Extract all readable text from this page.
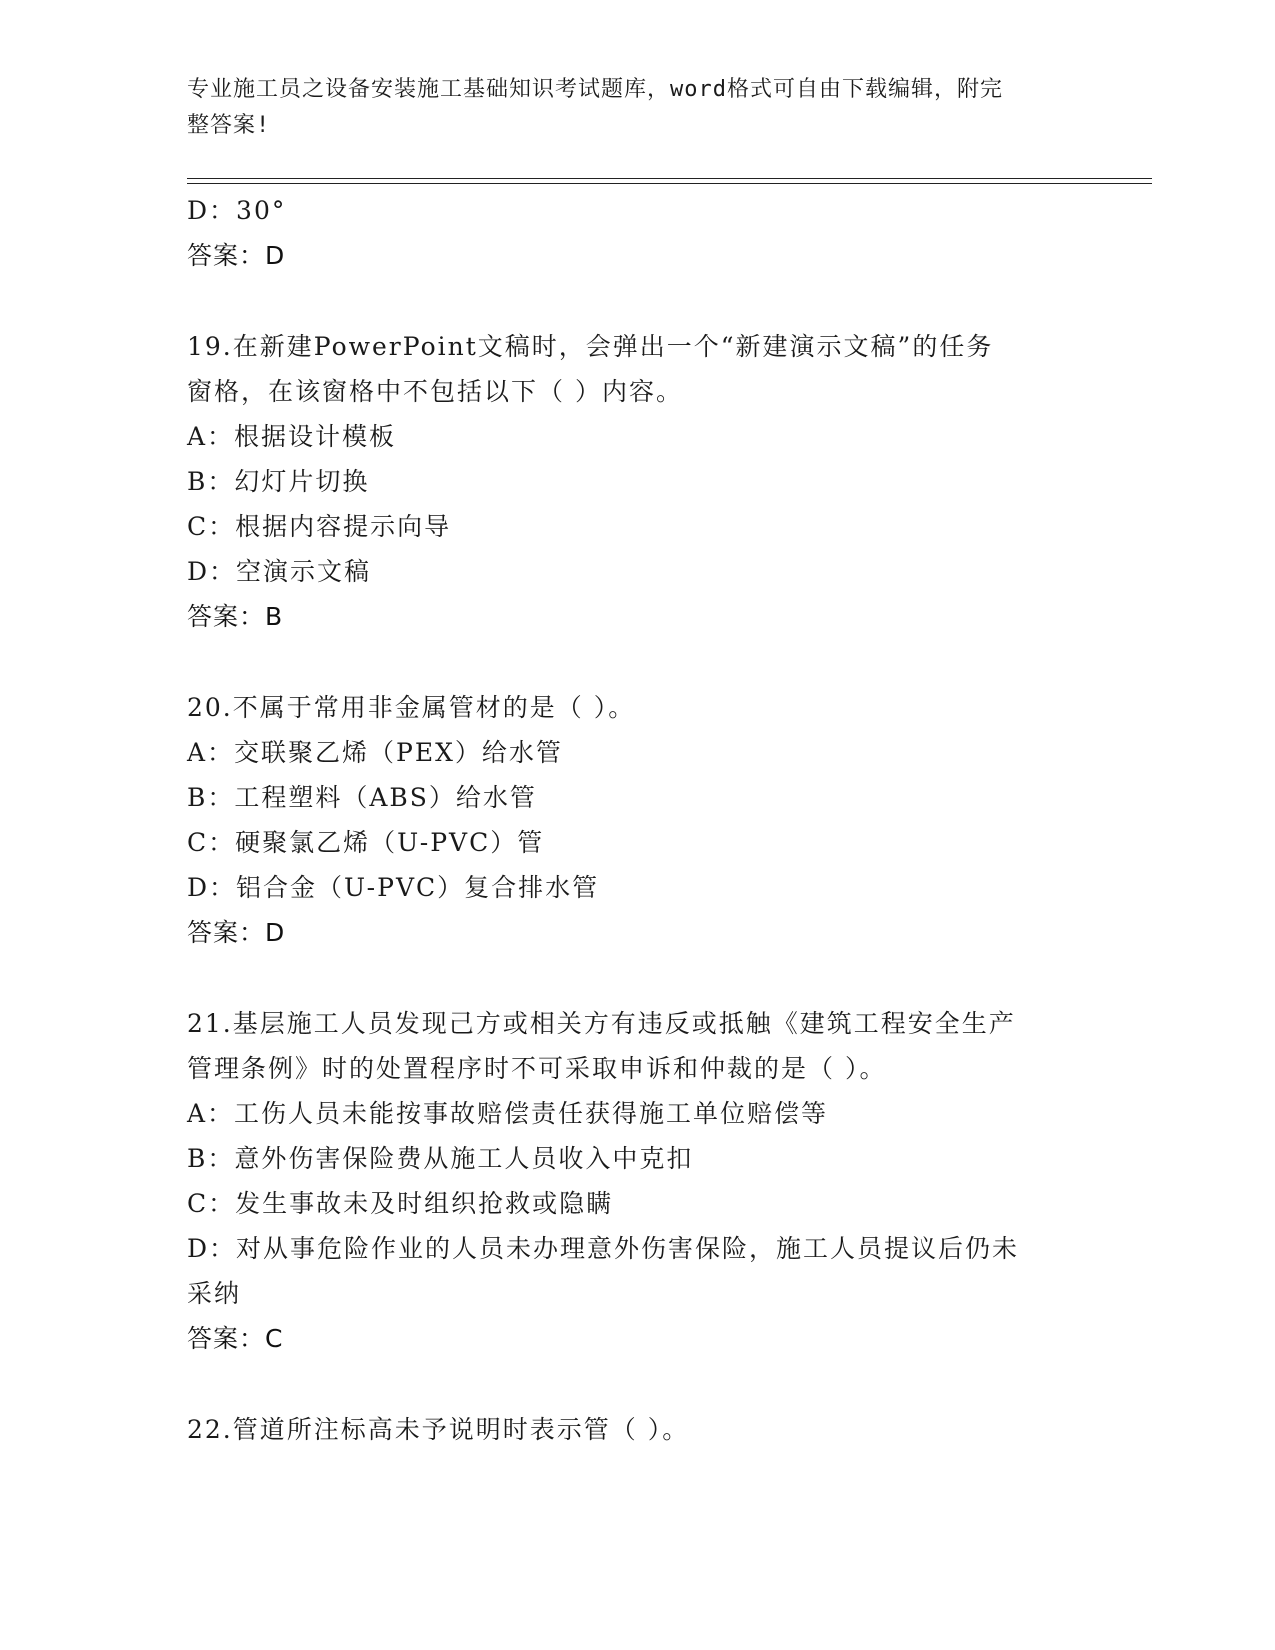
专业施工员之设备安装施工基础知识考试题库，word格式可自由下载编辑，附完
整答案!
D：30°
答案：D
19.在新建PowerPoint文稿时，会弹出一个“新建演示文稿”的任务
窗格，在该窗格中不包括以下（ ）内容。
A：根据设计模板
B：幻灯片切换
C：根据内容提示向导
D：空演示文稿
答案：B
20.不属于常用非金属管材的是（ ）。
A：交联聚乙烯（PEX）给水管
B：工程塑料（ABS）给水管
C：硬聚氯乙烯（U-PVC）管
D：铝合金（U-PVC）复合排水管
答案：D
21.基层施工人员发现己方或相关方有违反或抵触《建筑工程安全生产
管理条例》时的处置程序时不可采取申诉和仲裁的是（ ）。
A：工伤人员未能按事故赔偿责任获得施工单位赔偿等
B：意外伤害保险费从施工人员收入中克扣
C：发生事故未及时组织抢救或隐瞒
D：对从事危险作业的人员未办理意外伤害保险，施工人员提议后仍未
采纳
答案：C
22.管道所注标高未予说明时表示管（ ）。
